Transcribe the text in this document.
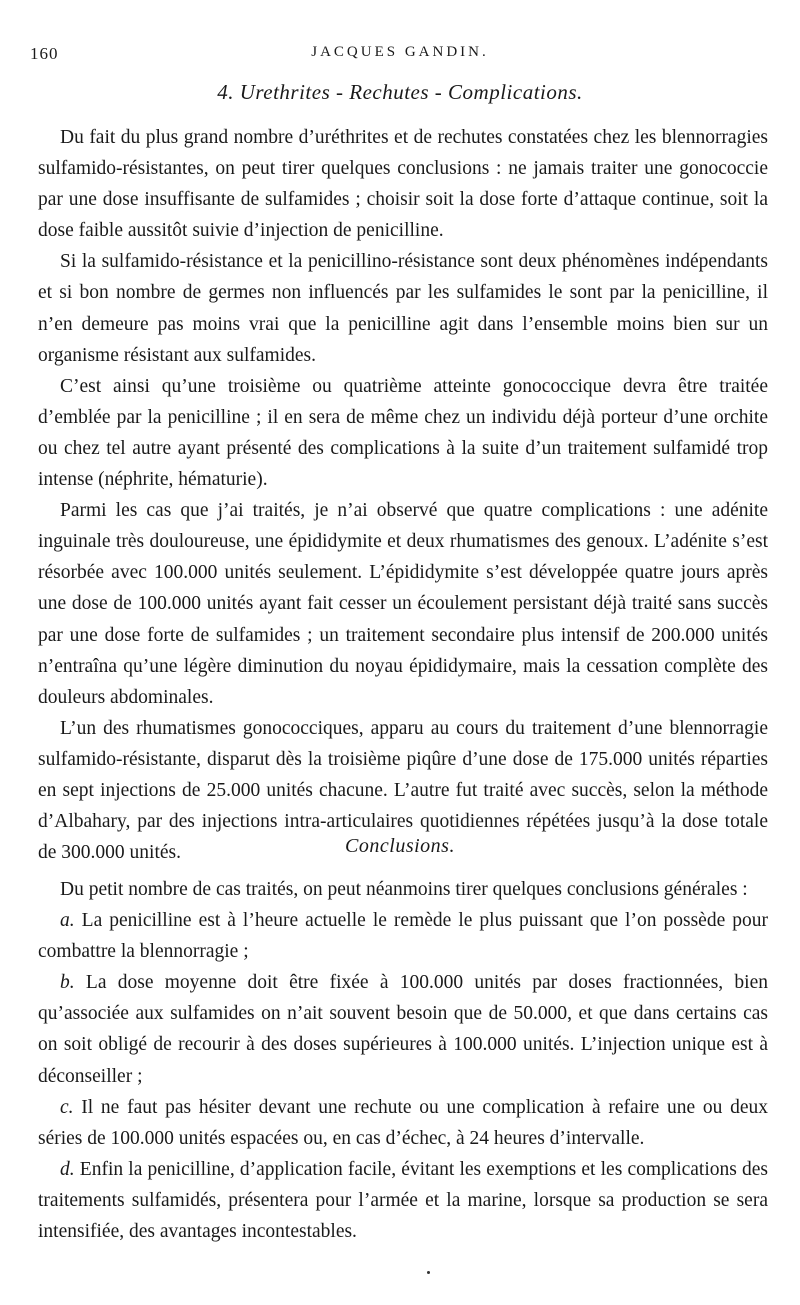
160	JACQUES GANDIN.
4. Urethrites - Rechutes - Complications.

Du fait du plus grand nombre d’uréthrites et de rechutes constatées chez les blennorragies sulfamido-résistantes, on peut tirer quelques conclusions : ne jamais traiter une gonococcie par une dose insuffisante de sulfamides ; choisir soit la dose forte d’attaque continue, soit la dose faible aussitôt suivie d’injection de penicilline.

Si la sulfamido-résistance et la penicillino-résistance sont deux phénomènes indépendants et si bon nombre de germes non influencés par les sulfamides le sont par la penicilline, il n’en demeure pas moins vrai que la penicilline agit dans l’ensemble moins bien sur un organisme résistant aux sulfamides.

C’est ainsi qu’une troisième ou quatrième atteinte gonococcique devra être traitée d’emblée par la penicilline ; il en sera de même chez un individu déjà porteur d’une orchite ou chez tel autre ayant présenté des complications à la suite d’un traitement sulfamidé trop intense (néphrite, hématurie).

Parmi les cas que j’ai traités, je n’ai observé que quatre complications : une adénite inguinale très douloureuse, une épididymite et deux rhumatismes des genoux. L’adénite s’est résorbée avec 100.000 unités seulement. L’épididymite s’est développée quatre jours après une dose de 100.000 unités ayant fait cesser un écoulement persistant déjà traité sans succès par une dose forte de sulfamides ; un traitement secondaire plus intensif de 200.000 unités n’entraîna qu’une légère diminution du noyau épididymaire, mais la cessation complète des douleurs abdominales.

L’un des rhumatismes gonococciques, apparu au cours du traitement d’une blennorragie sulfamido-résistante, disparut dès la troisième piqûre d’une dose de 175.000 unités réparties en sept injections de 25.000 unités chacune. L’autre fut traité avec succès, selon la méthode d’Albahary, par des injections intra-articulaires quotidiennes répétées jusqu’à la dose totale de 300.000 unités.	Conclusions.

Du petit nombre de cas traités, on peut néanmoins tirer quelques conclusions générales :

a. La penicilline est à l’heure actuelle le remède le plus puissant que l’on possède pour combattre la blennorragie ;

b. La dose moyenne doit être fixée à 100.000 unités par doses fractionnées, bien qu’associée aux sulfamides on n’ait souvent besoin que de 50.000, et que dans certains cas on soit obligé de recourir à des doses supérieures à 100.000 unités. L’injection unique est à déconseiller ;

c. Il ne faut pas hésiter devant une rechute ou une complication à refaire une ou deux séries de 100.000 unités espacées ou, en cas d’échec, à 24 heures d’intervalle.

d. Enfin la penicilline, d’application facile, évitant les exemptions et les complications des traitements sulfamidés, présentera pour l’armée et la marine, lorsque sa production se sera intensifiée, des avantages incontestables.
